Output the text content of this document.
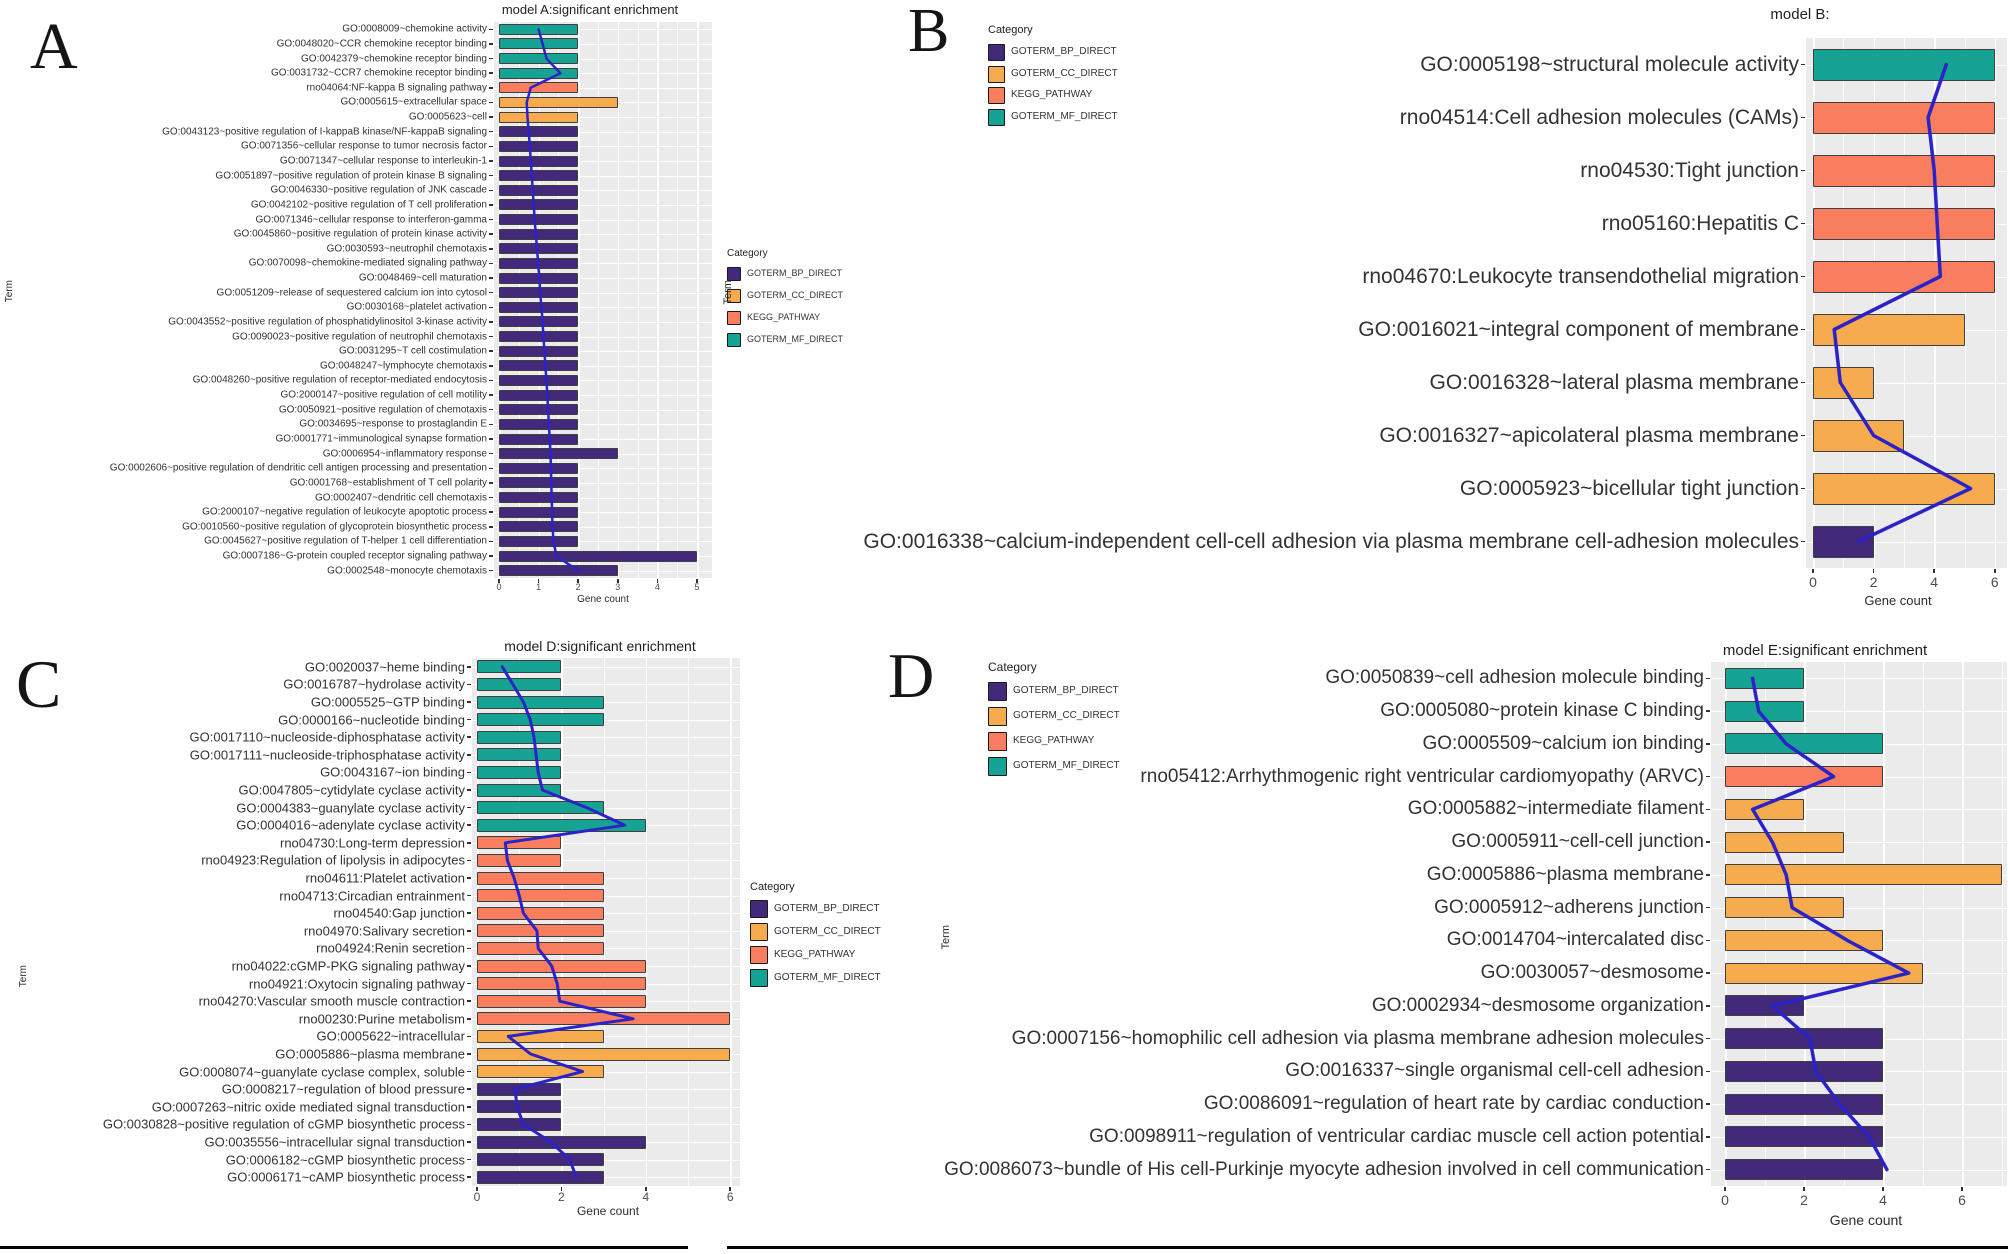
A
model A:significant enrichment
GO:0008009~chemokine activity
GO:0048020~CCR chemokine receptor binding
GO:0042379~chemokine receptor binding
GO:0031732~CCR7 chemokine receptor binding
rno04064:NF-kappa B signaling pathway
GO:0005615~extracellular space
GO:0005623~cell
GO:0043123~positive regulation of I-kappaB kinase/NF-kappaB signaling
GO:0071356~cellular response to tumor necrosis factor
GO:0071347~cellular response to interleukin-1
GO:0051897~positive regulation of protein kinase B signaling
GO:0046330~positive regulation of JNK cascade
GO:0042102~positive regulation of T cell proliferation
GO:0071346~cellular response to interferon-gamma
GO:0045860~positive regulation of protein kinase activity
GO:0030593~neutrophil chemotaxis
GO:0070098~chemokine-mediated signaling pathway
GO:0048469~cell maturation
GO:0051209~release of sequestered calcium ion into cytosol
GO:0030168~platelet activation
GO:0043552~positive regulation of phosphatidylinositol 3-kinase activity
GO:0090023~positive regulation of neutrophil chemotaxis
GO:0031295~T cell costimulation
GO:0048247~lymphocyte chemotaxis
GO:0048260~positive regulation of receptor-mediated endocytosis
GO:2000147~positive regulation of cell motility
GO:0050921~positive regulation of chemotaxis
GO:0034695~response to prostaglandin E
GO:0001771~immunological synapse formation
GO:0006954~inflammatory response
GO:0002606~positive regulation of dendritic cell antigen processing and presentation
GO:0001768~establishment of T cell polarity
GO:0002407~dendritic cell chemotaxis
GO:2000107~negative regulation of leukocyte apoptotic process
GO:0010560~positive regulation of glycoprotein biosynthetic process
GO:0045627~positive regulation of T-helper 1 cell differentiation
GO:0007186~G-protein coupled receptor signaling pathway
GO:0002548~monocyte chemotaxis
0	1	2	3	4	5
Gene count
Term
Category
GOTERM_BP_DIRECT
GOTERM_CC_DIRECT
KEGG_PATHWAY
GOTERM_MF_DIRECT
B	model B:
GO:0005198~structural molecule activity
rno04514:Cell adhesion molecules (CAMs)
rno04530:Tight junction
rno05160:Hepatitis C
rno04670:Leukocyte transendothelial migration
GO:0016021~integral component of membrane
GO:0016328~lateral plasma membrane
GO:0016327~apicolateral plasma membrane
GO:0005923~bicellular tight junction
GO:0016338~calcium-independent cell-cell adhesion via plasma membrane cell-adhesion molecules
0	2	4	6
Gene count
Term
Category
GOTERM_BP_DIRECT
GOTERM_CC_DIRECT
KEGG_PATHWAY
GOTERM_MF_DIRECT
C	model D:significant enrichment
GO:0020037~heme binding
GO:0016787~hydrolase activity
GO:0005525~GTP binding
GO:0000166~nucleotide binding
GO:0017110~nucleoside-diphosphatase activity
GO:0017111~nucleoside-triphosphatase activity
GO:0043167~ion binding
GO:0047805~cytidylate cyclase activity
GO:0004383~guanylate cyclase activity
GO:0004016~adenylate cyclase activity
rno04730:Long-term depression
rno04923:Regulation of lipolysis in adipocytes
rno04611:Platelet activation
rno04713:Circadian entrainment
rno04540:Gap junction
rno04970:Salivary secretion
rno04924:Renin secretion
rno04022:cGMP-PKG signaling pathway
rno04921:Oxytocin signaling pathway
rno04270:Vascular smooth muscle contraction
rno00230:Purine metabolism
GO:0005622~intracellular
GO:0005886~plasma membrane
GO:0008074~guanylate cyclase complex, soluble
GO:0008217~regulation of blood pressure
GO:0007263~nitric oxide mediated signal transduction
GO:0030828~positive regulation of cGMP biosynthetic process
GO:0035556~intracellular signal transduction
GO:0006182~cGMP biosynthetic process
GO:0006171~cAMP biosynthetic process
0	2	4	6
Gene count
Term
Category
GOTERM_BP_DIRECT
GOTERM_CC_DIRECT
KEGG_PATHWAY
GOTERM_MF_DIRECT
D	model E:significant enrichment
GO:0050839~cell adhesion molecule binding
GO:0005080~protein kinase C binding
GO:0005509~calcium ion binding
rno05412:Arrhythmogenic right ventricular cardiomyopathy (ARVC)
GO:0005882~intermediate filament
GO:0005911~cell-cell junction
GO:0005886~plasma membrane
GO:0005912~adherens junction
GO:0014704~intercalated disc
GO:0030057~desmosome
GO:0002934~desmosome organization
GO:0007156~homophilic cell adhesion via plasma membrane adhesion molecules
GO:0016337~single organismal cell-cell adhesion
GO:0086091~regulation of heart rate by cardiac conduction
GO:0098911~regulation of ventricular cardiac muscle cell action potential
GO:0086073~bundle of His cell-Purkinje myocyte adhesion involved in cell communication
0	2	4	6
Gene count
Term
Category
GOTERM_BP_DIRECT
GOTERM_CC_DIRECT
KEGG_PATHWAY
GOTERM_MF_DIRECT
